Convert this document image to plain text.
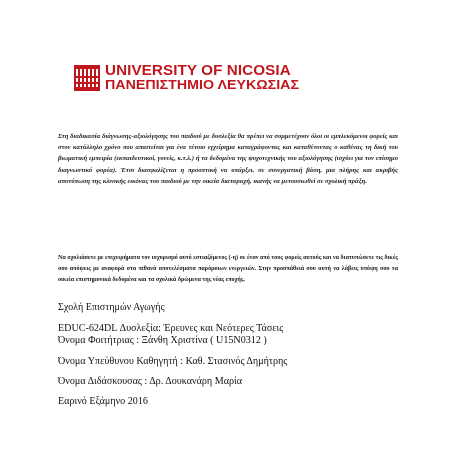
UNIVERSITY OF NICOSIA
ΠΑΝΕΠΙΣΤΗΜΙΟ ΛΕΥΚΩΣΙΑΣ
Στη διαδικασία διάγνωσης-αξιολόγησης του παιδιού με δυσλεξία θα πρέπει να συμμετέχουν όλοι οι εμπλεκόμενοι φορείς και στον κατάλληλο χρόνο που απαιτείται για ένα τέτοιο εγχείρημα καταγράφοντας και καταθέτοντας ο καθένας τη δική του βιωματική εμπειρία (εκπαιδευτικοί, γονείς, κ.τ.λ.) ή τα δεδομένα της ψυχοτεχνικής του αξιολόγησης (ισχύει για τον επίσημο διαγνωστικό φορέα). Έτσι διασφαλίζεται η προοπτική να υπάρξει, σε συνεργατική βάση, μια πλήρης και ακριβής αποτύπωση της κλινικής εικόνας του παιδιού με την οικεία διαταραχή, ικανής να μετουσιωθεί σε σχολική πράξη.
Να σχολιάσετε με επιχειρήματα τον ισχυρισμό αυτό εστιαζόμενος (-η) σε έναν από τους φορείς αυτούς και να διατυπώσετε τις δικές σου απόψεις με αναφορά στα πιθανά αποτελέσματα παρόμοιων ενεργειών. Στην προσπάθειά σου αυτή να λάβεις υπόψη σου τα οικεία επιστημονικά δεδομένα και τα σχολικά δρώμενα της νέας εποχής.
Σχολή Επιστημών Αγωγής
EDUC-624DL Δυσλεξία: Έρευνες και Νεότερες Τάσεις
Όνομα Φοιτήτριας : Ξάνθη Χριστίνα ( U15N0312 )
Όνομα Υπεύθυνου Καθηγητή : Καθ. Στασινός Δημήτρης
Όνομα Διδάσκουσας : Δρ. Δουκανάρη Μαρία
Εαρινό Εξάμηνο 2016
